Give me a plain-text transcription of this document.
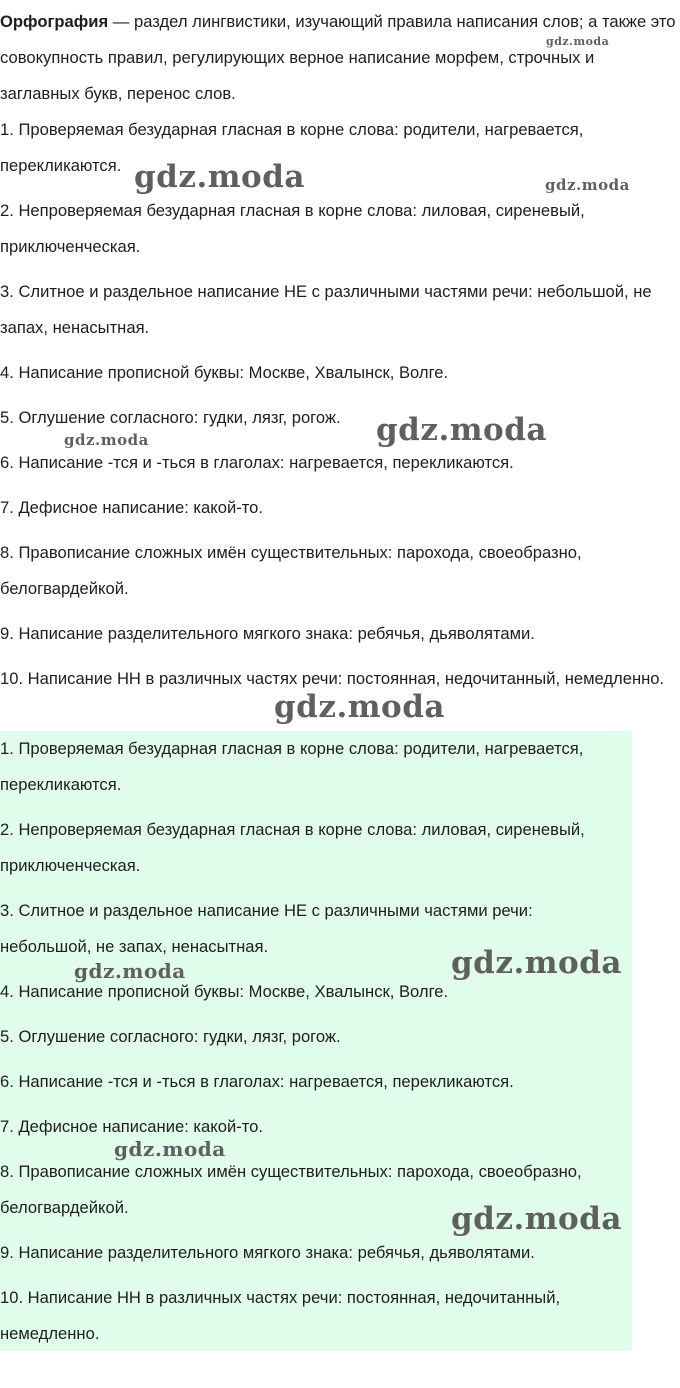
Орфография — раздел лингвистики, изучающий правила написания слов; а также это совокупность правил, регулирующих верное написание морфем, строчных и заглавных букв, перенос слов.

1. Проверяемая безударная гласная в корне слова: родители, нагревается, перекликаются.
2. Непроверяемая безударная гласная в корне слова: лиловая, сиреневый, приключенческая.
3. Слитное и раздельное написание НЕ с различными частями речи: небольшой, не запах, ненасытная.
4. Написание прописной буквы: Москве, Хвалынск, Волге.
5. Оглушение согласного: гудки, лязг, рогож.
6. Написание -тся и -ться в глаголах: нагревается, перекликаются.
7. Дефисное написание: какой-то.
8. Правописание сложных имён существительных: парохода, своеобразно, белогвардейкой.
9. Написание разделительного мягкого знака: ребячья, дьяволятами.
10. Написание НН в различных частях речи: постоянная, недочитанный, немедленно.
1. Проверяемая безударная гласная в корне слова: родители, нагревается, перекликаются.
2. Непроверяемая безударная гласная в корне слова: лиловая, сиреневый, приключенческая.
3. Слитное и раздельное написание НЕ с различными частями речи: небольшой, не запах, ненасытная.
4. Написание прописной буквы: Москве, Хвалынск, Волге.
5. Оглушение согласного: гудки, лязг, рогож.
6. Написание -тся и -ться в глаголах: нагревается, перекликаются.
7. Дефисное написание: какой-то.
8. Правописание сложных имён существительных: парохода, своеобразно, белогвардейкой.
9. Написание разделительного мягкого знака: ребячья, дьяволятами.
10. Написание НН в различных частях речи: постоянная, недочитанный, немедленно.
gdz.moda
gdz.moda	gdz.moda
gdz.moda
gdz.moda
gdz.moda
gdz.moda
gdz.moda
gdz.moda
gdz.moda
